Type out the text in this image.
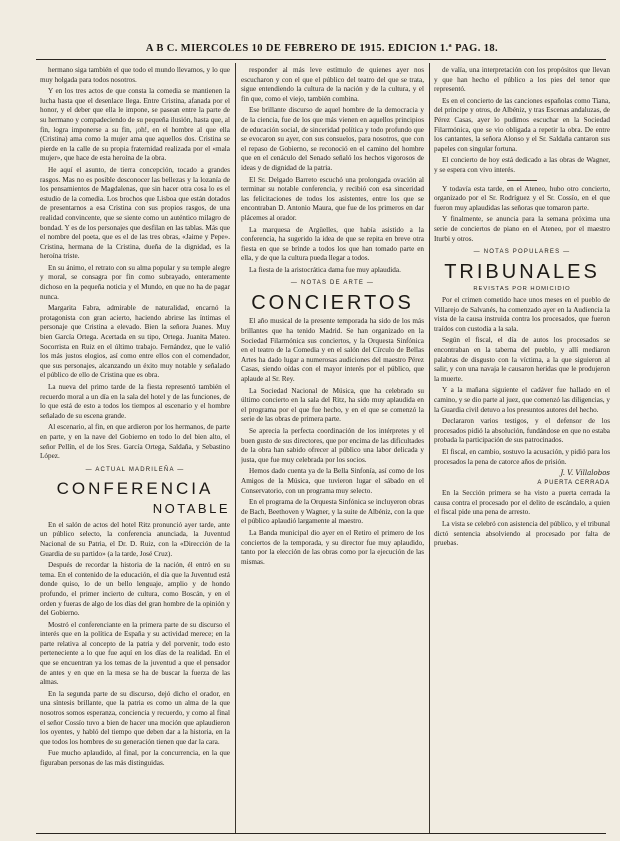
A B C. MIERCOLES 10 DE FEBRERO DE 1915. EDICION 1.ª PAG. 18.

hermano siga también el que todo el mundo llevamos, y lo que muy holgada para todos nosotros.

Y en los tres actos de que consta la comedia se mantienen la lucha hasta que el desenlace llega. Entre Cristina, afanada por el honor, y el deber que ella le impone, se pasean entre la parte de su hermano y compadeciendo de su pequeña ilusión, hasta que, al fin, logra imponerse a su fin, ¡oh!, en el hombre al que ella (Cristina) ama como la mujer ama que aquellos dos. Cristina se pierde en la calle de su propia fraternidad realizada por el «mala mujer», que hace de esta heroína de la obra.

He aquí el asunto, de tierra concepción, tocado a grandes rasgos. Mas no es posible desconocer las bellezas y la lozanía de los pensamientos de Magdalenas, que sin hacer otra cosa lo es el estudio de la comedia. Los brochos que Lisboa que están dotados de presentarnos a esa Cristina con sus propios rasgos, de una realidad convincente, que se siente como un auténtico milagro de bondad. Y es de los personajes que desfilan en las tablas. Más que el nombre del poeta, que es el de las tres obras, «Jaime y Pepe». Cristina, hermana de la Cristina, dueña de la dignidad, es la heroína triste.

En su ánimo, el retrato con su alma popular y su temple alegre y moral, se consagra por fin como subrayado, enteramente dichoso en la pequeña noticia y el Mundo, en que no ha de pagar nunca.

Margarita Fabra, admirable de naturalidad, encarnó la protagonista con gran acierto, haciendo abrirse las íntimas el personaje que Cristina a elevado. Bien la señora Juanes. Muy bien García Ortega. Acertada en su tipo, Ortega. Juanita Mateo. Socorrista en Ruiz en el último trabajo. Fernández, que le valió los más justos elogios, así como entre ellos con el comendador, que sus personajes, alcanzando un éxito muy notable y señalado el público de ello de Cristina que es obra.

La nueva del primo tarde de la fiesta representó también el recuerdo moral a un día en la sala del hotel y de las funciones, de lo que está de esto a todos los tiempos al escenario y el hombre señalado de su escena grande.

Al escenario, al fin, en que ardieron por los hermanos, de parte en parte, y en la nave del Gobierno en todo lo del bien alto, el señor Pellín, el de los Sres. García Ortega, Saldaña, y Sebastino López.

— ACTUAL MADRILEÑA —
CONFERENCIA
NOTABLE

En el salón de actos del hotel Ritz pronunció ayer tarde, ante un público selecto, la conferencia anunciada, la Juventud Nacional de su Patria, el Dr. D. Ruiz, con la «Dirección de la Guardia de su partido» (a la tarde, José Cruz).

Después de recordar la historia de la nación, él entró en su tema. En el contenido de la educación, el día que la Juventud está donde quiso, lo de un bello lenguaje, amplio y de hondo profundo, el primer incierto de cultura, como Boscán, y en el orden y fueras de algo de los días del gran hombre de la opinión y del Gobierno.

Mostró el conferenciante en la primera parte de su discurso el interés que en la política de España y su actividad merece; en la parte relativa al concepto de la patria y del porvenir, todo esto perteneciente a lo que fue aquí en los días de la realidad. En el que se encuentran ya los temas de la juventud a que el pensador de antes y en que en la mesa se ha de buscar la fuerza de las almas.

En la segunda parte de su discurso, dejó dicho el orador, en una síntesis brillante, que la patria es como un alma de la que nosotros somos esperanza, conciencia y recuerdo, y como al final el señor Cossío tuvo a bien de hacer una moción que aplaudieron los oyentes, y habló del tiempo que deben dar a la historia, en la que todos los hombres de su generación tienen que dar la cara.

Fue mucho aplaudido, al final, por la concurrencia, en la que figuraban personas de las más distinguidas.

responder al más leve estímulo de quienes ayer nos escucharon y con el que el público del teatro del que se trata, sigue entendiendo la cultura de la nación y de la cultura, y el fin que, como el viejo, también combina.

Ese brillante discurso de aquel hombre de la democracia y de la ciencia, fue de los que más vienen en aquellos principios de educación social, de sinceridad política y todo profundo que se evocaron su ayer, con sus consuelos, para nosotros, que con el repaso de Gobierno, se reconoció en el camino del hombre que en el cenáculo del Senado señaló los hechos vigorosos de ideas y de dignidad de la patria.

El Sr. Delgado Barreto escuchó una prolongada ovación al terminar su notable conferencia, y recibió con esa sinceridad las felicitaciones de todos los asistentes, entre los que se encontraban D. Antonio Maura, que fue de los primeros en dar plácemes al orador.

La marquesa de Argüelles, que había asistido a la conferencia, ha sugerido la idea de que se repita en breve otra fiesta en que se brinde a todos los que han tomado parte en ella, y de que la cultura pueda llegar a todos.

La fiesta de la aristocrática dama fue muy aplaudida.

— NOTAS DE ARTE —
CONCIERTOS

El año musical de la presente temporada ha sido de los más brillantes que ha tenido Madrid. Se han organizado en la Sociedad Filarmónica sus conciertos, y la Orquesta Sinfónica en el teatro de la Comedia y en el salón del Círculo de Bellas Artes ha dado lugar a numerosas audiciones del maestro Pérez Casas, siendo oídas con el mayor interés por el público, que aplaude al Sr. Rey.

La Sociedad Nacional de Música, que ha celebrado su último concierto en la sala del Ritz, ha sido muy aplaudida en el programa por el que fue hecho, y en el que se comenzó la serie de las obras de primera parte.

Se aprecia la perfecta coordinación de los intérpretes y el buen gusto de sus directores, que por encima de las dificultades de la obra han sabido ofrecer al público una labor delicada y justa, que fue muy celebrada por los socios.

Hemos dado cuenta ya de la Bella Sinfonía, así como de los Amigos de la Música, que tuvieron lugar el sábado en el Conservatorio, con un programa muy selecto.

En el programa de la Orquesta Sinfónica se incluyeron obras de Bach, Beethoven y Wagner, y la suite de Albéniz, con la que el público aplaudió largamente al maestro.

La Banda municipal dio ayer en el Retiro el primero de los conciertos de la temporada, y su director fue muy aplaudido, tanto por la elección de las obras como por la ejecución de las mismas.

de valía, una interpretación con los propósitos que llevan y que han hecho el público a los pies del tenor que representó.

Es en el concierto de las canciones españolas como Tiana, del príncipe y otros, de Albéniz, y tras Escenas andaluzas, de Pérez Casas, ayer lo pudimos escuchar en la Sociedad Filarmónica, que se vio obligada a repetir la obra. De entre los cantantes, la señora Alonso y el Sr. Saldaña cantaron sus papeles con singular fortuna.

El concierto de hoy está dedicado a las obras de Wagner, y se espera con vivo interés.

Y todavía esta tarde, en el Ateneo, hubo otro concierto, organizado por el Sr. Rodríguez y el Sr. Cossío, en el que fueron muy aplaudidas las señoras que tomaron parte.

Y finalmente, se anuncia para la semana próxima una serie de conciertos de piano en el Ateneo, por el maestro Iturbi y otros.

— NOTAS POPULARES —
TRIBUNALES
REVISTAS POR HOMICIDIO

Por el crimen cometido hace unos meses en el pueblo de Villarejo de Salvanés, ha comenzado ayer en la Audiencia la vista de la causa instruida contra los procesados, que fueron traídos con custodia a la sala.

Según el fiscal, el día de autos los procesados se encontraban en la taberna del pueblo, y allí mediaron palabras de disgusto con la víctima, a la que siguieron al salir, y con una navaja le causaron heridas que le produjeron la muerte.

Y a la mañana siguiente el cadáver fue hallado en el camino, y se dio parte al juez, que comenzó las diligencias, y la Guardia civil detuvo a los presuntos autores del hecho.

Declararon varios testigos, y el defensor de los procesados pidió la absolución, fundándose en que no estaba probada la participación de sus patrocinados.

El fiscal, en cambio, sostuvo la acusación, y pidió para los procesados la pena de catorce años de prisión.

J. V. Villalobos
A PUERTA CERRADA

En la Sección primera se ha visto a puerta cerrada la causa contra el procesado por el delito de escándalo, a quien el fiscal pide una pena de arresto.

La vista se celebró con asistencia del público, y el tribunal dictó sentencia absolviendo al procesado por falta de pruebas.
